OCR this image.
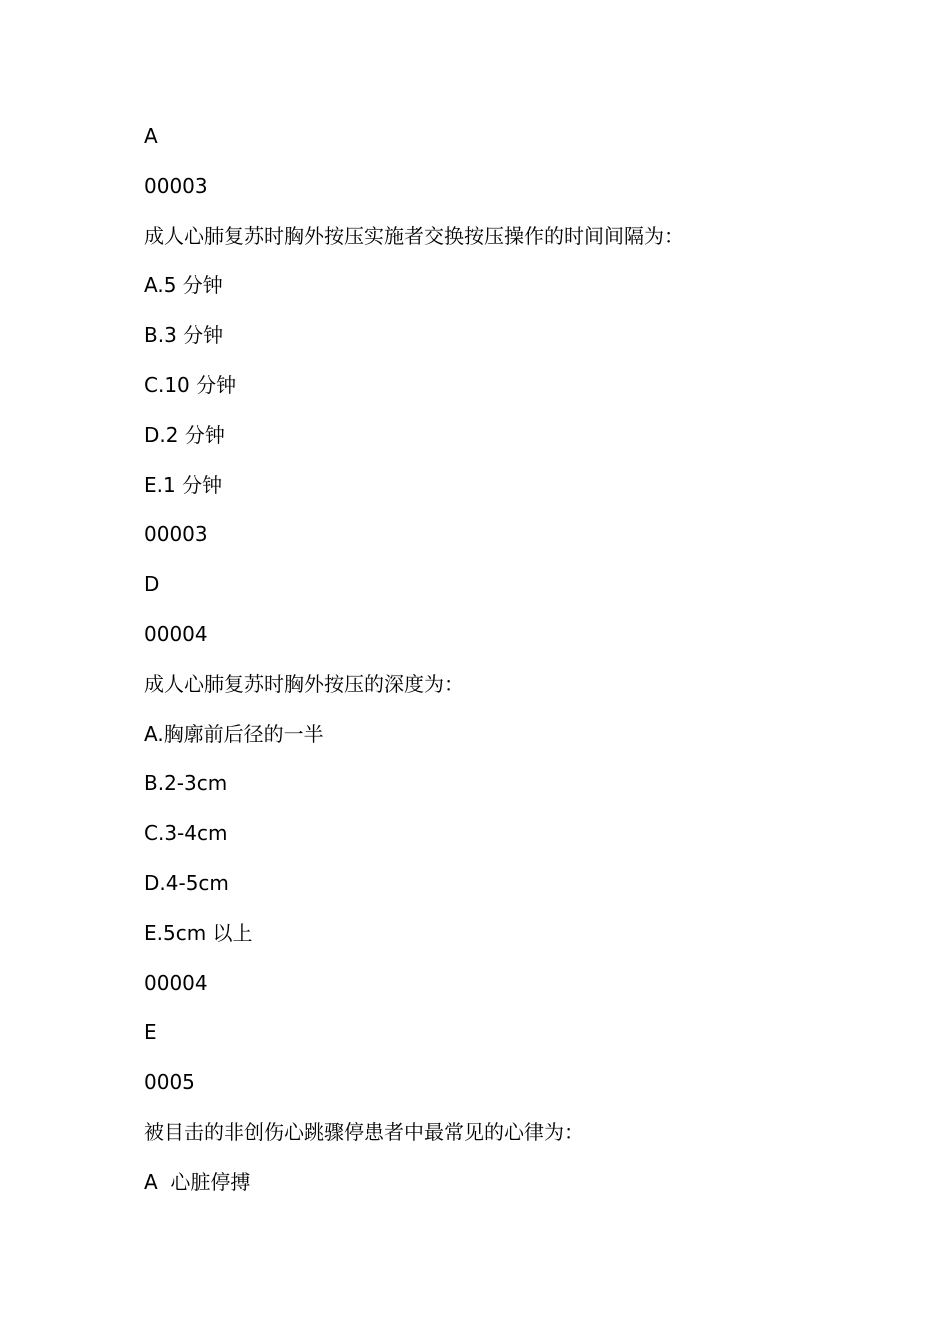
A
00003
成人心肺复苏时胸外按压实施者交换按压操作的时间间隔为：
A.5 分钟
B.3 分钟
C.10 分钟
D.2 分钟
E.1 分钟
00003
D
00004
成人心肺复苏时胸外按压的深度为：
A.胸廓前后径的一半
B.2-3cm
C.3-4cm
D.4-5cm
E.5cm 以上
00004
E
0005
被目击的非创伤心跳骤停患者中最常见的心律为：
A  心脏停搏
